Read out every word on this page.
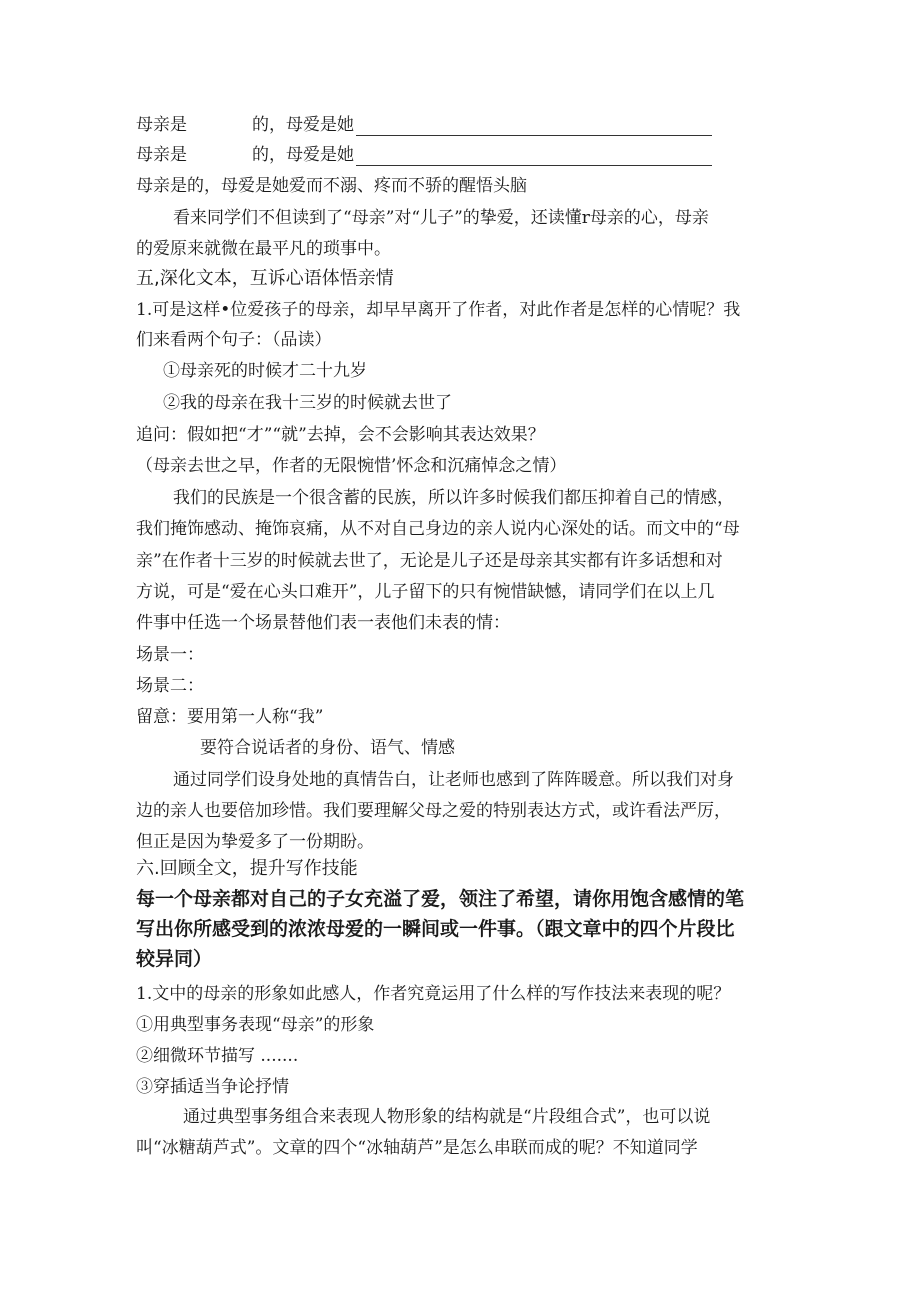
母亲是	的，母爱是她
母亲是	的，母爱是她
母亲是的，母爱是她爱而不溺、疼而不骄的醒悟头脑
看来同学们不但读到了“母亲”对“儿子”的挚爱，还读懂r母亲的心，母亲
的爱原来就微在最平凡的琐事中。
五,深化文本，互诉心语体悟亲情
1.可是这样•位爱孩子的母亲，却早早离开了作者，对此作者是怎样的心情呢？我
们来看两个句子：（品读）
①母亲死的时候才二十九岁
②我的母亲在我十三岁的时候就去世了
追问：假如把“才”“就”去掉，会不会影响其表达效果？
（母亲去世之早，作者的无限惋惜’怀念和沉痛悼念之情）
我们的民族是一个很含蓄的民族，所以许多时候我们都压抑着自己的情感，
我们掩饰感动、掩饰哀痛，从不对自己身边的亲人说内心深处的话。而文中的“母
亲”在作者十三岁的时候就去世了，无论是儿子还是母亲其实都有许多话想和对
方说，可是“爱在心头口难开”，儿子留下的只有惋惜缺憾，请同学们在以上几
件事中任选一个场景替他们表一表他们未表的情：
场景一：
场景二：
留意：要用第一人称“我”
要符合说话者的身份、语气、情感
通过同学们设身处地的真情告白，让老师也感到了阵阵暖意。所以我们对身
边的亲人也要倍加珍惜。我们要理解父母之爱的特别表达方式，或许看法严厉，
但正是因为挚爱多了一份期盼。
六.回顾全文，提升写作技能
每一个母亲都对自己的子女充溢了爱，领注了希望，请你用饱含感情的笔
写出你所感受到的浓浓母爱的一瞬间或一件事。（跟文章中的四个片段比
较异同）
1.文中的母亲的形象如此感人，作者究竟运用了什么样的写作技法来表现的呢？
①用典型事务表现“母亲”的形象
②细微环节描写 .......
③穿插适当争论抒情
通过典型事务组合来表现人物形象的结构就是“片段组合式”，也可以说
叫“冰糖葫芦式”。文章的四个“冰轴葫芦”是怎么串联而成的呢？不知道同学
